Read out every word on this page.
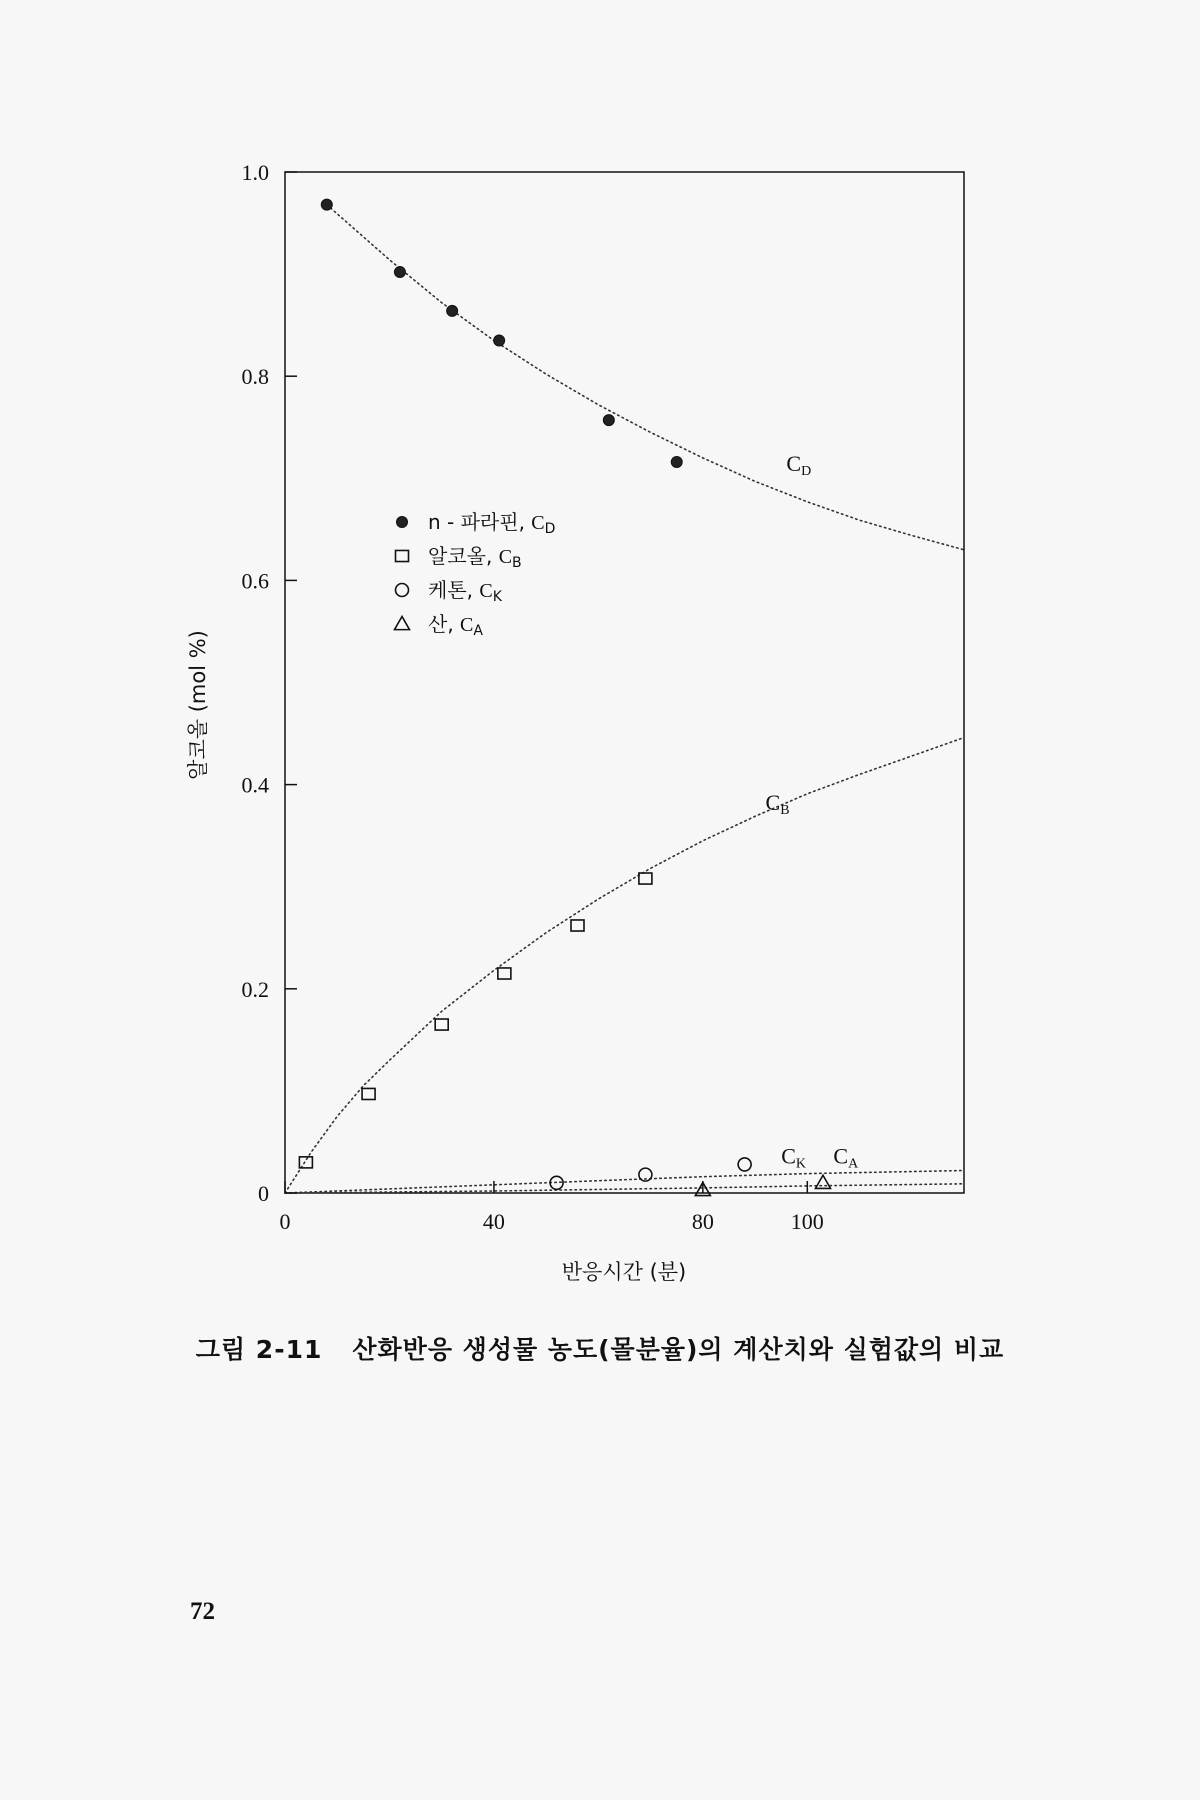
0
0.2
0.4
0.6
0.8
1.0
0	40	80	100
CD
CB
CK CA
n - 파라핀, $C_D$
알코올, $C_B$
케톤, $C_K$
산, $C_A$
반응시간 (분)
알코올 (mol %)
그림 2-11 산화반응 생성물 농도(몰분율)의 계산치와 실험값의 비교
72
